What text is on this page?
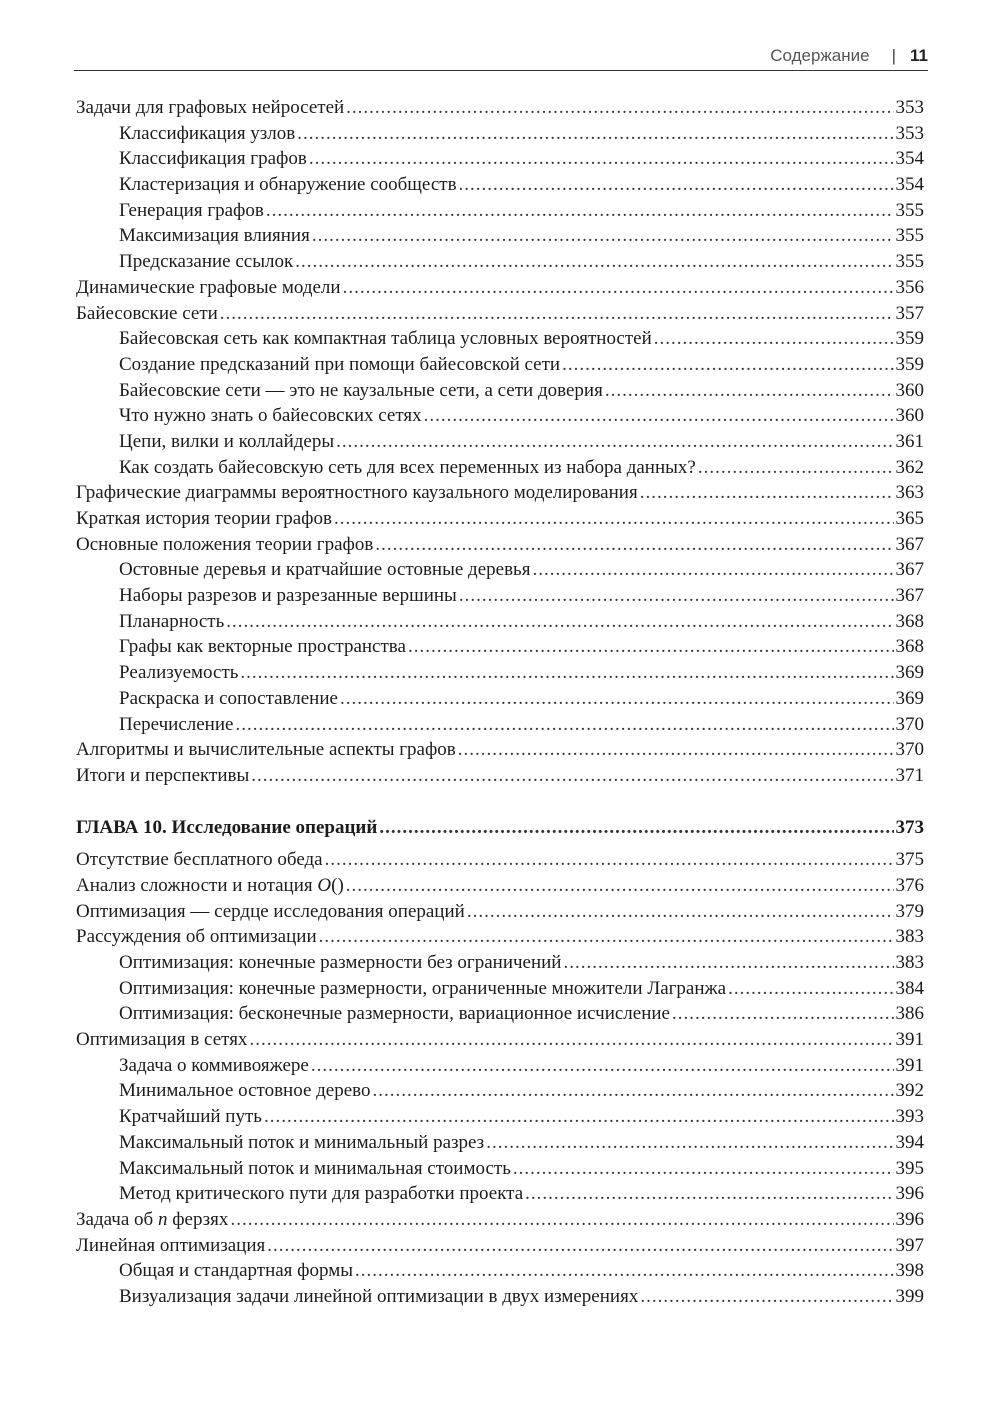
Содержание | 11
Задачи для графовых нейросетей .....	353
Классификация узлов .....	353
Классификация графов .....	354
Кластеризация и обнаружение сообществ .....	354
Генерация графов .....	355
Максимизация влияния .....	355
Предсказание ссылок .....	355
Динамические графовые модели .....	356
Байесовские сети .....	357
Байесовская сеть как компактная таблица условных вероятностей .....	359
Создание предсказаний при помощи байесовской сети .....	359
Байесовские сети — это не каузальные сети, а сети доверия .....	360
Что нужно знать о байесовских сетях .....	360
Цепи, вилки и коллайдеры .....	361
Как создать байесовскую сеть для всех переменных из набора данных? .....	362
Графические диаграммы вероятностного каузального моделирования .....	363
Краткая история теории графов .....	365
Основные положения теории графов .....	367
Остовные деревья и кратчайшие остовные деревья .....	367
Наборы разрезов и разрезанные вершины .....	367
Планарность .....	368
Графы как векторные пространства .....	368
Реализуемость .....	369
Раскраска и сопоставление .....	369
Перечисление .....	370
Алгоритмы и вычислительные аспекты графов .....	370
Итоги и перспективы .....	371
ГЛАВА 10. Исследование операций .....	373
Отсутствие бесплатного обеда .....	375
Анализ сложности и нотация O() .....	376
Оптимизация — сердце исследования операций .....	379
Рассуждения об оптимизации .....	383
Оптимизация: конечные размерности без ограничений .....	383
Оптимизация: конечные размерности, ограниченные множители Лагранжа .....	384
Оптимизация: бесконечные размерности, вариационное исчисление .....	386
Оптимизация в сетях .....	391
Задача о коммивояжере .....	391
Минимальное остовное дерево .....	392
Кратчайший путь .....	393
Максимальный поток и минимальный разрез .....	394
Максимальный поток и минимальная стоимость .....	395
Метод критического пути для разработки проекта .....	396
Задача об n ферзях .....	396
Линейная оптимизация .....	397
Общая и стандартная формы .....	398
Визуализация задачи линейной оптимизации в двух измерениях .....	399
